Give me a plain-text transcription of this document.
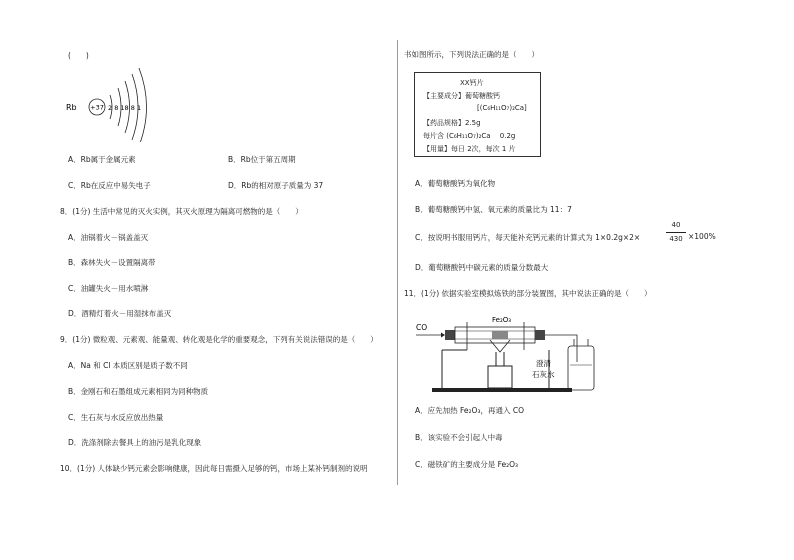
(　　)
Rb +37 2 8 18 8 1
A．Rb属于金属元素	B．Rb位于第五周期
C．Rb在反应中易失电子	D．Rb的相对原子质量为 37
8．(1分) 生活中常见的灭火实例，其灭火原理为隔离可燃物的是（　　）
A．油锅着火－锅盖盖灭
B．森林失火－设置隔离带
C．油罐失火－用水喷淋
D．酒精灯着火－用湿抹布盖灭
9．(1分) 微粒观、元素观、能量观、转化观是化学的重要观念，下列有关说法错误的是（　　）
A．Na 和 Cl 本质区别是质子数不同
B．金刚石和石墨组成元素相同为同种物质
C．生石灰与水反应放出热量
D．洗涤剂除去餐具上的油污是乳化现象
10．(1分) 人体缺少钙元素会影响健康，因此每日需摄入足够的钙，市场上某补钙制剂的说明
书如图所示，下列说法正确的是（　　）
XX钙片
【主要成分】葡萄糖酸钙
[(C₆H₁₁O₇)₂Ca]
【药品规格】2.5g
每片含 (C₆H₁₁O₇)₂Ca　 0.2g
【用量】每日 2次，每次 1 片
A．葡萄糖酸钙为氧化物
B．葡萄糖酸钙中氢、氧元素的质量比为 11：7
C．按说明书服用钙片，每天能补充钙元素的计算式为 1×0.2g×2×
40
430 ×100%
D．葡萄糖酸钙中碳元素的质量分数最大
11．(1分) 依据实验室模拟炼铁的部分装置图，其中说法正确的是（　　）
CO
Fe₂O₃
澄清
石灰水
A．应先加热 Fe₂O₃，再通入 CO
B．该实验不会引起人中毒
C．磁铁矿的主要成分是 Fe₂O₃
